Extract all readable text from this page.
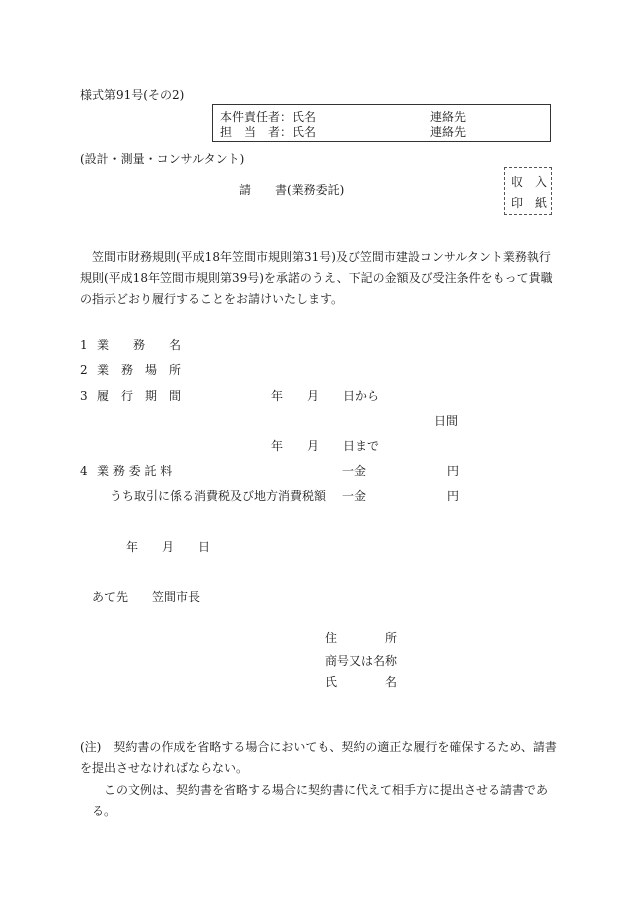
様式第91号(その2)
本件責任者：氏名	連絡先
担　当　者：氏名	連絡先
(設計・測量・コンサルタント)
収　入
印　紙
請　　書(業務委託)
　笠間市財務規則(平成18年笠間市規則第31号)及び笠間市建設コンサルタント業務執行規則(平成18年笠間市規則第39号)を承諾のうえ、下記の金額及び受注条件をもって貴職の指示どおり履行することをお請けいたします。
1 業　　務　　名
2 業　務　場　所
3 履　行　期　間	年　　月　　日から
日間
年　　月　　日まで
4 業 務 委 託 料	一金	円
うち取引に係る消費税及び地方消費税額 一金	円
年　　月　　日
あて先　　笠間市長
住　　　　所
商号又は名称
氏　　　　名
(注)　契約書の作成を省略する場合においても、契約の適正な履行を確保するため、請書を提出させなければならない。
　この文例は、契約書を省略する場合に契約書に代えて相手方に提出させる請書である。
